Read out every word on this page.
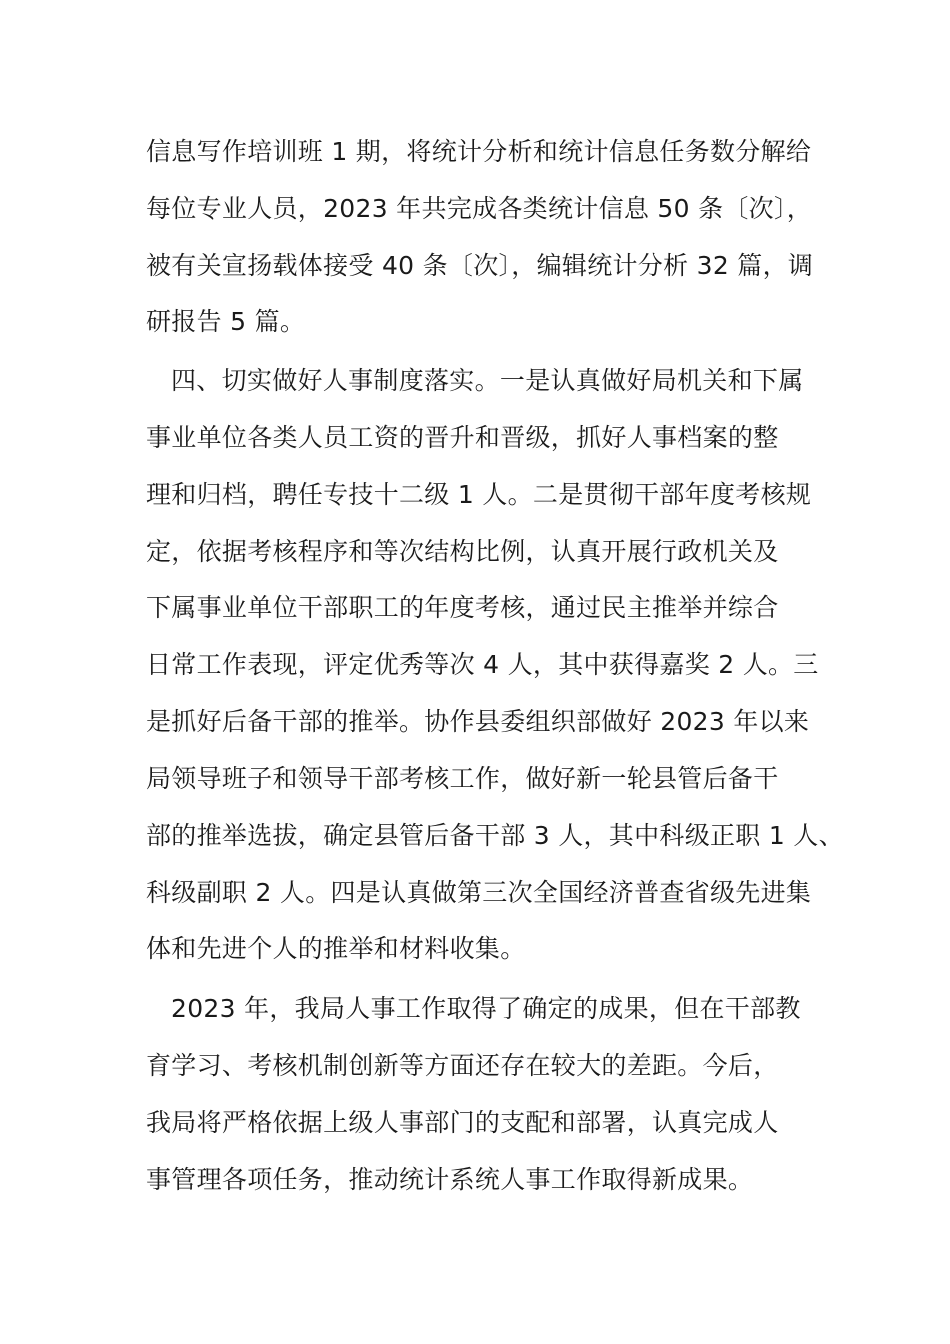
信息写作培训班 1 期，将统计分析和统计信息任务数分解给

每位专业人员，2023 年共完成各类统计信息 50 条〔次〕，

被有关宣扬载体接受 40 条〔次〕，编辑统计分析 32 篇，调

研报告 5 篇。

四、切实做好人事制度落实。一是认真做好局机关和下属

事业单位各类人员工资的晋升和晋级，抓好人事档案的整

理和归档，聘任专技十二级 1 人。二是贯彻干部年度考核规

定，依据考核程序和等次结构比例，认真开展行政机关及

下属事业单位干部职工的年度考核，通过民主推举并综合

日常工作表现，评定优秀等次 4 人，其中获得嘉奖 2 人。三

是抓好后备干部的推举。协作县委组织部做好 2023 年以来

局领导班子和领导干部考核工作，做好新一轮县管后备干

部的推举选拔，确定县管后备干部 3 人，其中科级正职 1 人、

科级副职 2 人。四是认真做第三次全国经济普查省级先进集

体和先进个人的推举和材料收集。

2023 年，我局人事工作取得了确定的成果，但在干部教

育学习、考核机制创新等方面还存在较大的差距。今后，

我局将严格依据上级人事部门的支配和部署，认真完成人

事管理各项任务，推动统计系统人事工作取得新成果。
